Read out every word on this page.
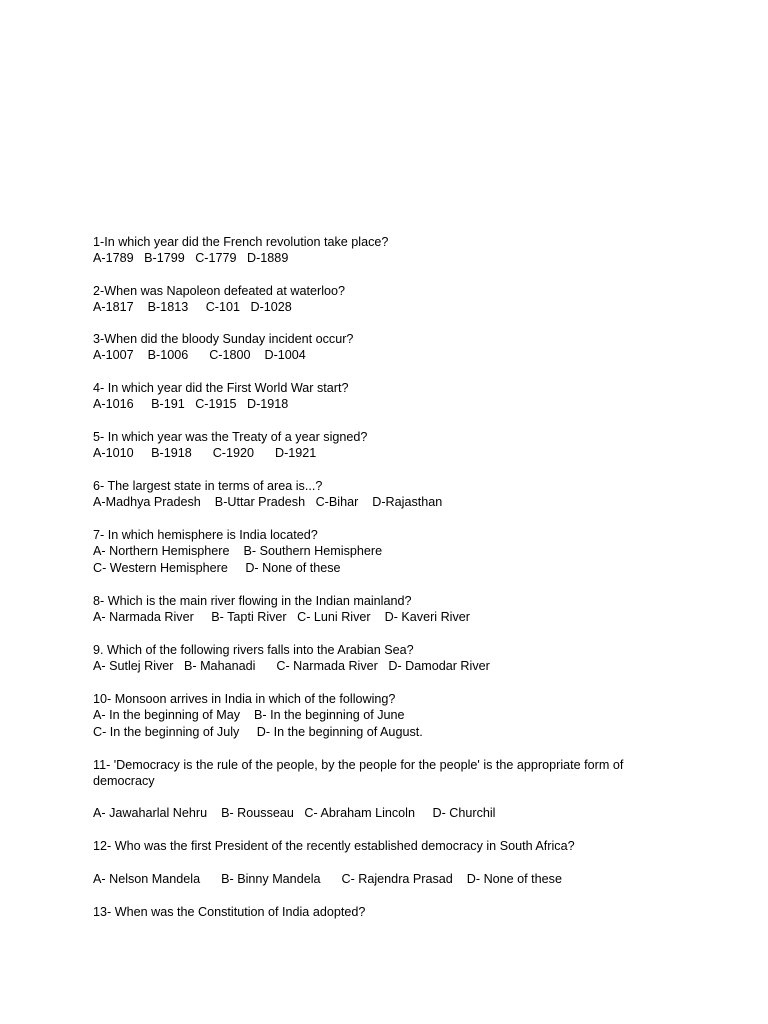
1-In which year did the French revolution take place?
A-1789   B-1799   C-1779   D-1889
2-When was Napoleon defeated at waterloo?
A-1817    B-1813     C-101   D-1028
3-When did the bloody Sunday incident occur?
A-1007    B-1006      C-1800    D-1004
4- In which year did the First World War start?
A-1016     B-191   C-1915   D-1918
5- In which year was the Treaty of a year signed?
A-1010     B-1918      C-1920      D-1921
6- The largest state in terms of area is...?
A-Madhya Pradesh    B-Uttar Pradesh   C-Bihar    D-Rajasthan
7- In which hemisphere is India located?
A- Northern Hemisphere    B- Southern Hemisphere
C- Western Hemisphere     D- None of these
8- Which is the main river flowing in the Indian mainland?
A- Narmada River     B- Tapti River   C- Luni River    D- Kaveri River
9. Which of the following rivers falls into the Arabian Sea?
A- Sutlej River   B- Mahanadi      C- Narmada River   D- Damodar River
10- Monsoon arrives in India in which of the following?
A- In the beginning of May    B- In the beginning of June
C- In the beginning of July     D- In the beginning of August.
11- 'Democracy is the rule of the people, by the people for the people' is the appropriate form of
democracy
A- Jawaharlal Nehru    B- Rousseau   C- Abraham Lincoln     D- Churchil
12- Who was the first President of the recently established democracy in South Africa?
A- Nelson Mandela      B- Binny Mandela      C- Rajendra Prasad    D- None of these
13- When was the Constitution of India adopted?
